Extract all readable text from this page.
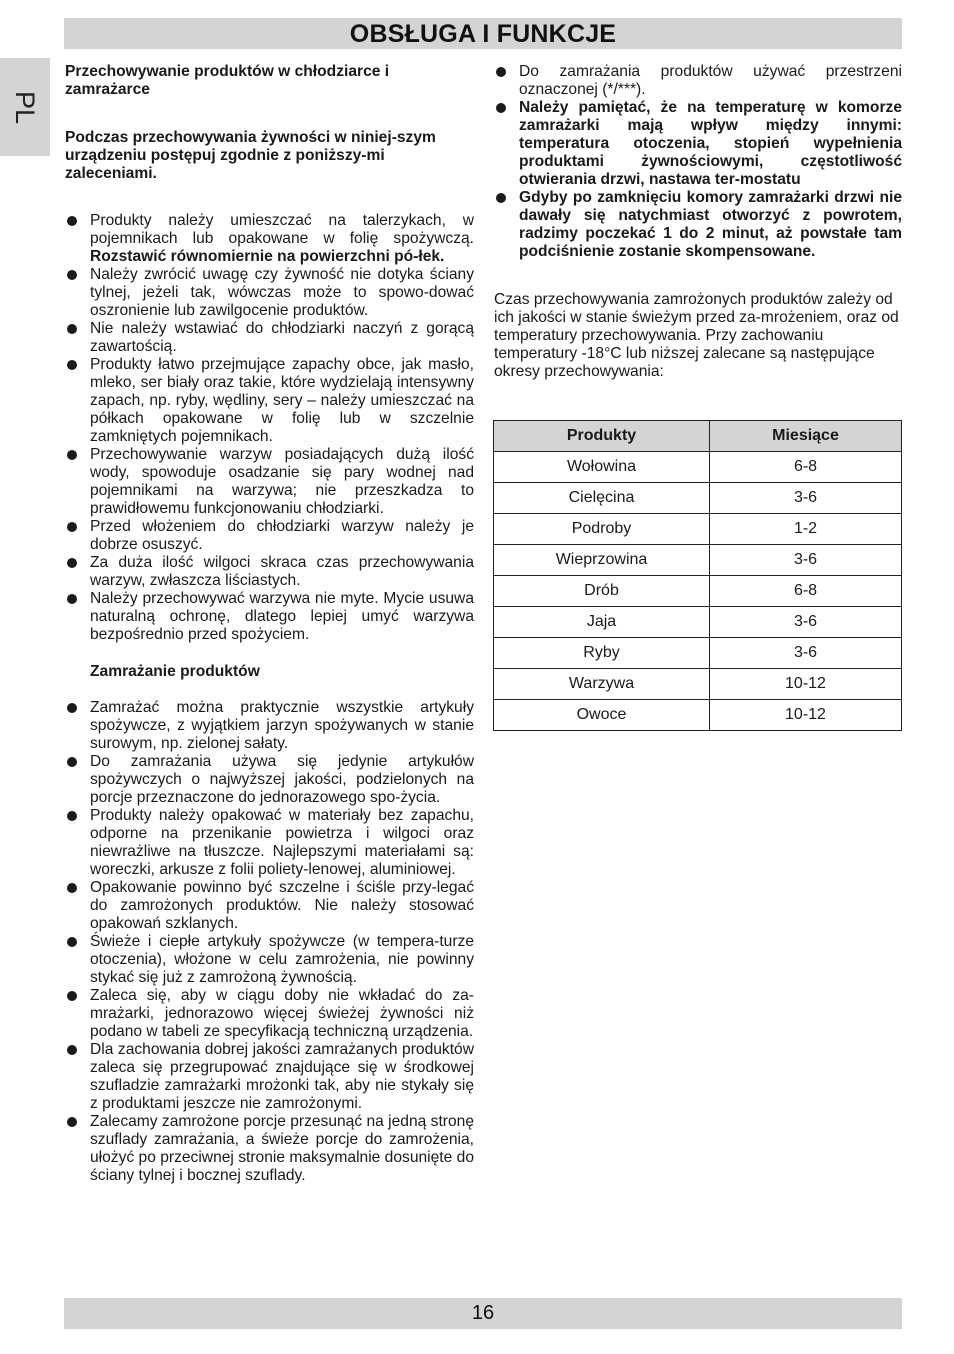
OBSŁUGA I FUNKCJE
PL

Przechowywanie produktów w chłodziarce i zamrażarce

Podczas przechowywania żywności w niniej-szym urządzeniu postępuj zgodnie z poniższy-mi zaleceniami.

Produkty należy umieszczać na talerzykach, w pojemnikach lub opakowane w folię spożywczą. Rozstawić równomiernie na powierzchni pó-łek.
Należy zwrócić uwagę czy żywność nie dotyka ściany tylnej, jeżeli tak, wówczas może to spowo-dować oszronienie lub zawilgocenie produktów.
Nie należy wstawiać do chłodziarki naczyń z gorącą zawartością.
Produkty łatwo przejmujące zapachy obce, jak masło, mleko, ser biały oraz takie, które wydzielają intensywny zapach, np. ryby, wędliny, sery – należy umieszczać na półkach opakowane w folię lub w szczelnie zamkniętych pojemnikach.
Przechowywanie warzyw posiadających dużą ilość wody, spowoduje osadzanie się pary wodnej nad pojemnikami na warzywa; nie przeszkadza to prawidłowemu funkcjonowaniu chłodziarki.
Przed włożeniem do chłodziarki warzyw należy je dobrze osuszyć.
Za duża ilość wilgoci skraca czas przechowywania warzyw, zwłaszcza liściastych.
Należy przechowywać warzywa nie myte. Mycie usuwa naturalną ochronę, dlatego lepiej umyć warzywa bezpośrednio przed spożyciem.

Zamrażanie produktów

Zamrażać można praktycznie wszystkie artykuły spożywcze, z wyjątkiem jarzyn spożywanych w stanie surowym, np. zielonej sałaty.
Do zamrażania używa się jedynie artykułów spożywczych o najwyższej jakości, podzielonych na porcje przeznaczone do jednorazowego spo-życia.
Produkty należy opakować w materiały bez zapachu, odporne na przenikanie powietrza i wilgoci oraz niewrażliwe na tłuszcze. Najlepszymi materiałami są: woreczki, arkusze z folii poliety-lenowej, aluminiowej.
Opakowanie powinno być szczelne i ściśle przy-legać do zamrożonych produktów. Nie należy stosować opakowań szklanych.
Świeże i ciepłe artykuły spożywcze (w tempera-turze otoczenia), włożone w celu zamrożenia, nie powinny stykać się już z zamrożoną żywnością.
Zaleca się, aby w ciągu doby nie wkładać do za-mrażarki, jednorazowo więcej świeżej żywności niż podano w tabeli ze specyfikacją techniczną urządzenia.
Dla zachowania dobrej jakości zamrażanych produktów zaleca się przegrupować znajdujące się w środkowej szufladzie zamrażarki mrożonki tak, aby nie stykały się z produktami jeszcze nie zamrożonymi.
Zalecamy zamrożone porcje przesunąć na jedną stronę szuflady zamrażania, a świeże porcje do zamrożenia, ułożyć po przeciwnej stronie maksymalnie dosunięte do ściany tylnej i bocznej szuflady.
Do zamrażania produktów używać przestrzeni oznaczonej (*/***).
Należy pamiętać, że na temperaturę w komorze zamrażarki mają wpływ między innymi: temperatura otoczenia, stopień wypełnienia produktami żywnościowymi, częstotliwość otwierania drzwi, nastawa ter-mostatu
Gdyby po zamknięciu komory zamrażarki drzwi nie dawały się natychmiast otworzyć z powrotem, radzimy poczekać 1 do 2 minut, aż powstałe tam podciśnienie zostanie skompensowane.

Czas przechowywania zamrożonych produktów zależy od ich jakości w stanie świeżym przed za-mrożeniem, oraz od temperatury przechowywania. Przy zachowaniu temperatury -18°C lub niższej zalecane są następujące okresy przechowywania:

Produkty	Miesiące
Wołowina	6-8
Cielęcina	3-6
Podroby	1-2
Wieprzowina	3-6
Drób	6-8
Jaja	3-6
Ryby	3-6
Warzywa	10-12
Owoce	10-12
16
